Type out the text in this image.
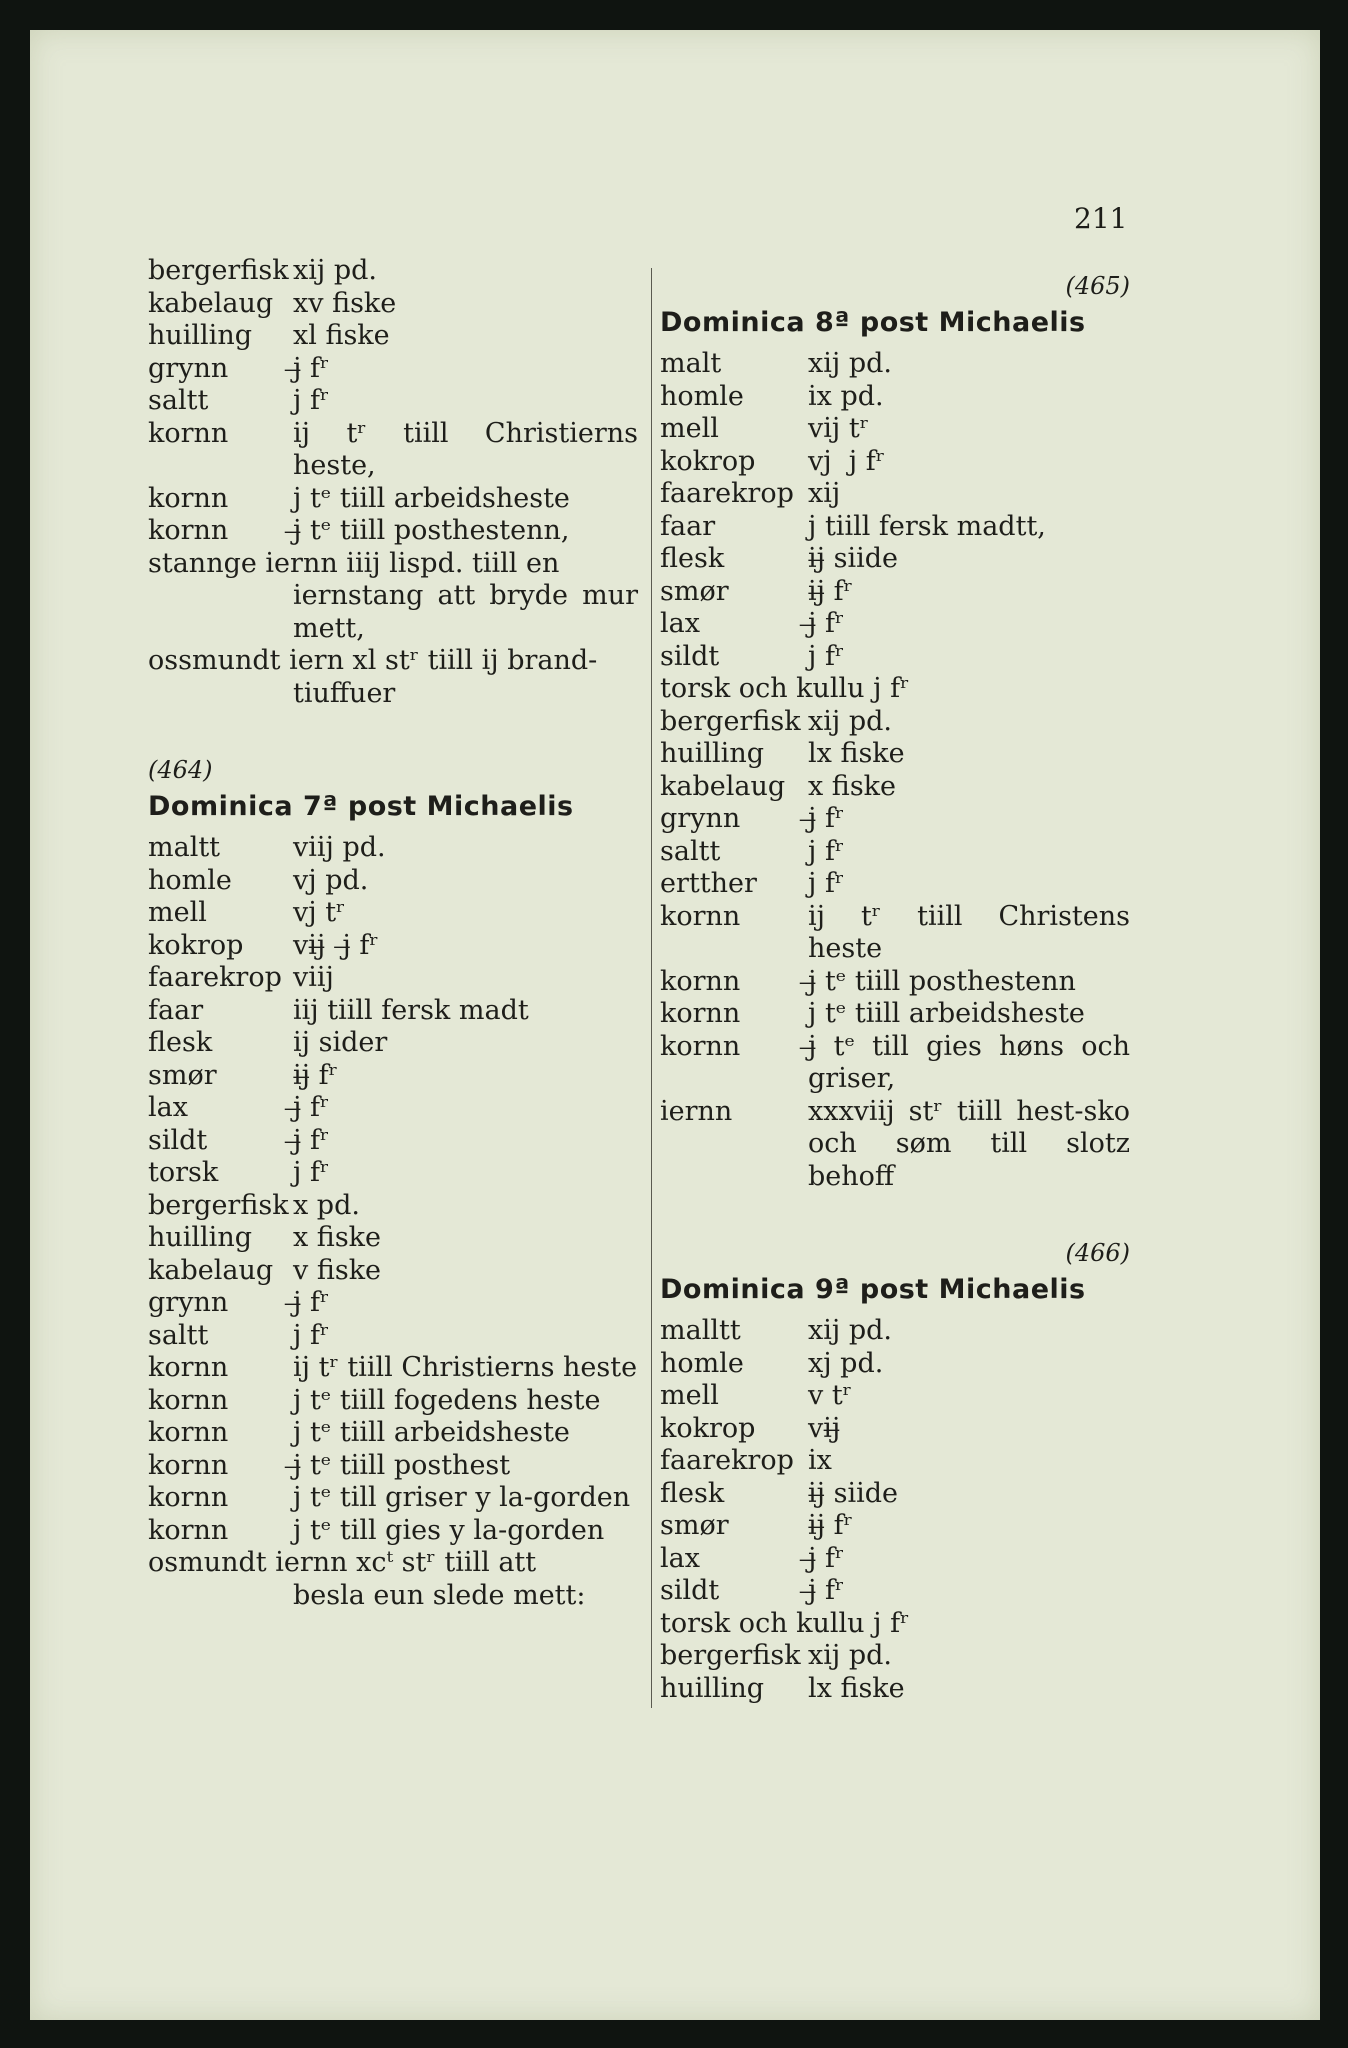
211
bergerfisk xij pd.
kabelaug xv fiske
huilling	xl fiske
grynn	j̶ fʳ
saltt	j fʳ
kornn	ij tʳ tiill Christierns heste,
kornn	j tᵉ tiill arbeidsheste
kornn	j̶ tᵉ tiill posthestenn,
stannge iernn iiij lispd. tiill en
iernstang att bryde mur mett,
ossmundt iern xl stʳ tiill ij brand-
tiuffuer
(464)
Dominica 7ª post Michaelis
maltt	viij pd.
homle	vj pd.
mell	vj tʳ
kokrop	vij̶  j̶ fʳ
faarekrop viij
faar	iij tiill fersk madt
flesk	ij sider
smør	ij̶ fʳ
lax	j̶ fʳ
sildt	j̶ fʳ
torsk	j fʳ
bergerfisk x pd.
huilling	x fiske
kabelaug v fiske
grynn	j̶ fʳ
saltt	j fʳ
kornn	ij tʳ tiill Christierns heste
kornn	j tᵉ tiill fogedens heste
kornn	j tᵉ tiill arbeidsheste
kornn	j̶ tᵉ tiill posthest
kornn	j tᵉ till griser y la-gorden
kornn	j tᵉ till gies y la-gorden
osmundt iernn xcᵗ stʳ tiill att
besla eun slede mett:
(465)
Dominica 8ª post Michaelis
malt	xij pd.
homle	ix pd.
mell	vij tʳ
kokrop	vj  j fʳ
faarekrop xij
faar	j tiill fersk madtt,
flesk	ij̶ siide
smør	ij̶ fʳ
lax	j̶ fʳ
sildt	j fʳ
torsk och kullu j fʳ
bergerfisk xij pd.
huilling	lx fiske
kabelaug x fiske
grynn	j̶ fʳ
saltt	j fʳ
ertther	j fʳ
kornn	ij tʳ tiill Christens heste
kornn	j̶ tᵉ tiill posthestenn
kornn	j tᵉ tiill arbeidsheste
kornn	j̶ tᵉ till gies høns och griser,
iernn	xxxviij stʳ tiill hest-sko och søm till slotz behoff
(466)
Dominica 9ª post Michaelis
malltt	xij pd.
homle	xj pd.
mell	v tʳ
kokrop	vij̶
faarekrop ix
flesk	ij̶ siide
smør	ij̶ fʳ
lax	j̶ fʳ
sildt	j̶ fʳ
torsk och kullu j fʳ
bergerfisk xij pd.
huilling	lx fiske
